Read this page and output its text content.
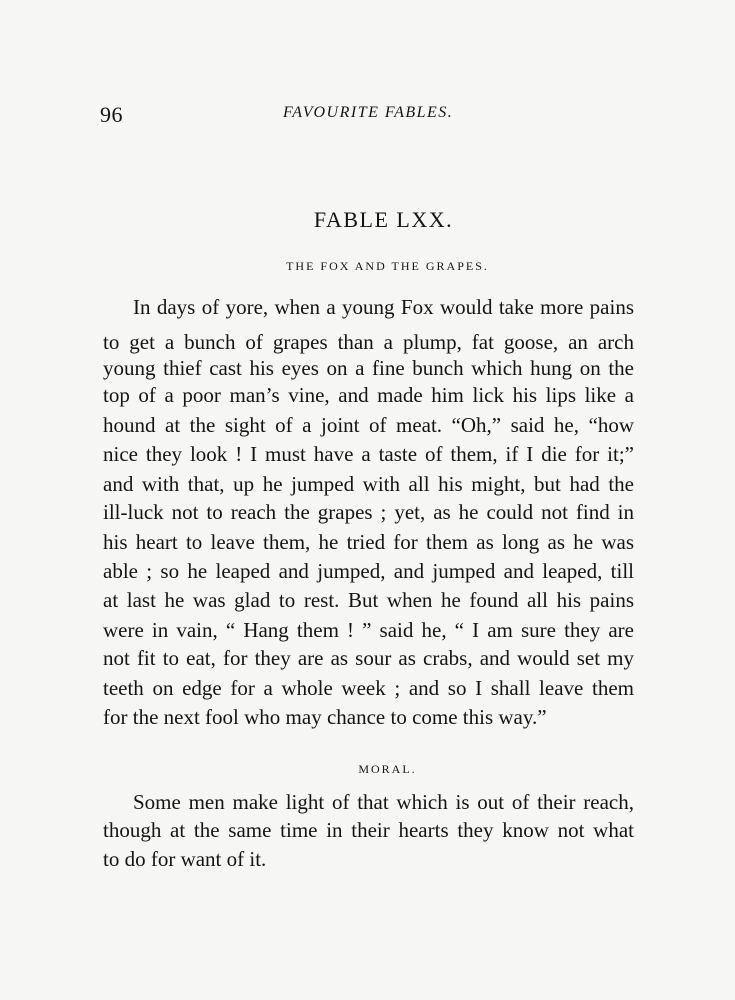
96	FAVOURITE FABLES.
FABLE LXX.
THE FOX AND THE GRAPES.
In days of yore, when a young Fox would take more pains
to get a bunch of grapes than a plump, fat goose, an arch
young thief cast his eyes on a fine bunch which hung on the
top of a poor man’s vine, and made him lick his lips like a
hound at the sight of a joint of meat. “Oh,” said he, “how
nice they look ! I must have a taste of them, if I die for it;”
and with that, up he jumped with all his might, but had the
ill-luck not to reach the grapes ; yet, as he could not find in
his heart to leave them, he tried for them as long as he was
able ; so he leaped and jumped, and jumped and leaped, till
at last he was glad to rest. But when he found all his pains
were in vain, “ Hang them ! ” said he, “ I am sure they are
not fit to eat, for they are as sour as crabs, and would set my
teeth on edge for a whole week ; and so I shall leave them
for the next fool who may chance to come this way.”
MORAL.
Some men make light of that which is out of their reach,
though at the same time in their hearts they know not what
to do for want of it.
